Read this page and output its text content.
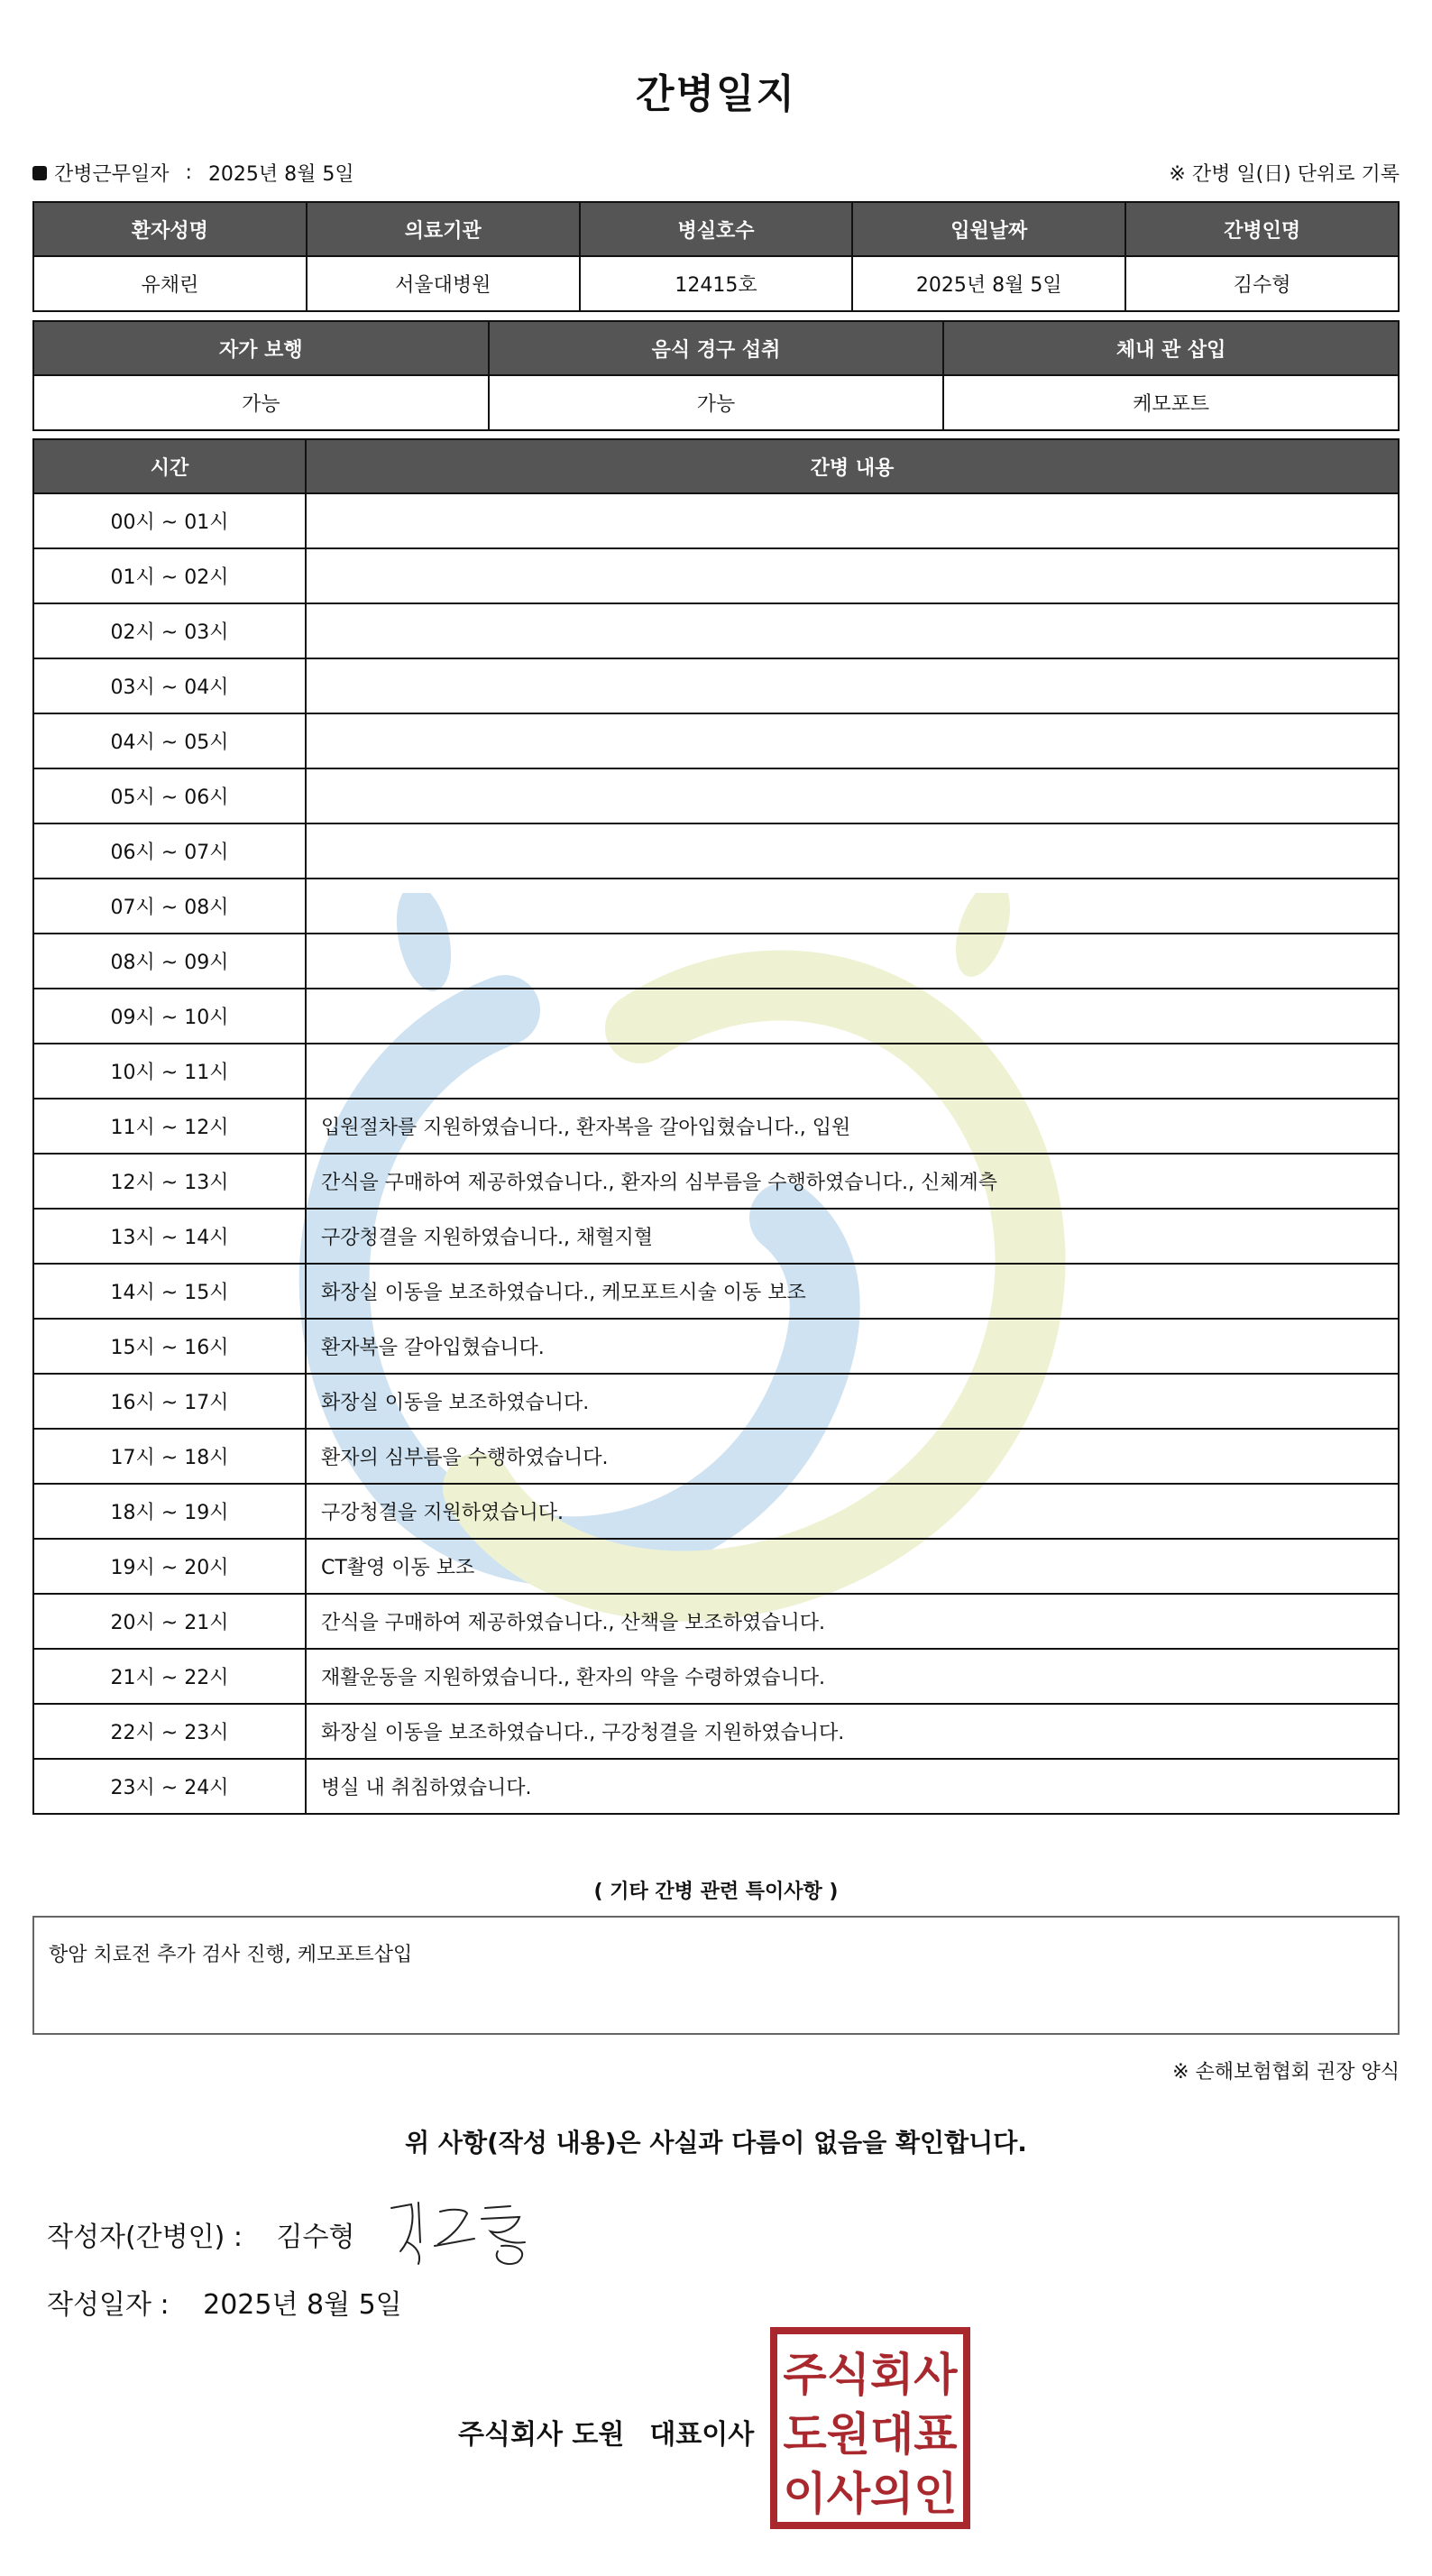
간병일지
간병근무일자 : 2025년 8월 5일	※ 간병 일(日) 단위로 기록
환자성명	의료기관	병실호수	입원날짜	간병인명
유채린	서울대병원	12415호	2025년 8월 5일	김수형
자가 보행	음식 경구 섭취	체내 관 삽입
가능	가능	케모포트
시간	간병 내용
00시 ~ 01시	
01시 ~ 02시	
02시 ~ 03시	
03시 ~ 04시	
04시 ~ 05시	
05시 ~ 06시	
06시 ~ 07시	
07시 ~ 08시	
08시 ~ 09시	
09시 ~ 10시	
10시 ~ 11시	
11시 ~ 12시	입원절차를 지원하였습니다., 환자복을 갈아입혔습니다., 입원
12시 ~ 13시	간식을 구매하여 제공하였습니다., 환자의 심부름을 수행하였습니다., 신체계측
13시 ~ 14시	구강청결을 지원하였습니다., 채혈지혈
14시 ~ 15시	화장실 이동을 보조하였습니다., 케모포트시술 이동 보조
15시 ~ 16시	환자복을 갈아입혔습니다.
16시 ~ 17시	화장실 이동을 보조하였습니다.
17시 ~ 18시	환자의 심부름을 수행하였습니다.
18시 ~ 19시	구강청결을 지원하였습니다.
19시 ~ 20시	CT촬영 이동 보조
20시 ~ 21시	간식을 구매하여 제공하였습니다., 산책을 보조하였습니다.
21시 ~ 22시	재활운동을 지원하였습니다., 환자의 약을 수령하였습니다.
22시 ~ 23시	화장실 이동을 보조하였습니다., 구강청결을 지원하였습니다.
23시 ~ 24시	병실 내 취침하였습니다.
( 기타 간병 관련 특이사항 )
항암 치료전 추가 검사 진행, 케모포트삽입
※ 손해보험협회 권장 양식
위 사항(작성 내용)은 사실과 다름이 없음을 확인합니다.
작성자(간병인) : 김수형
작성일자 : 2025년 8월 5일
주식회사 도원 대표이사
주식회사
도원대표
이사의인
